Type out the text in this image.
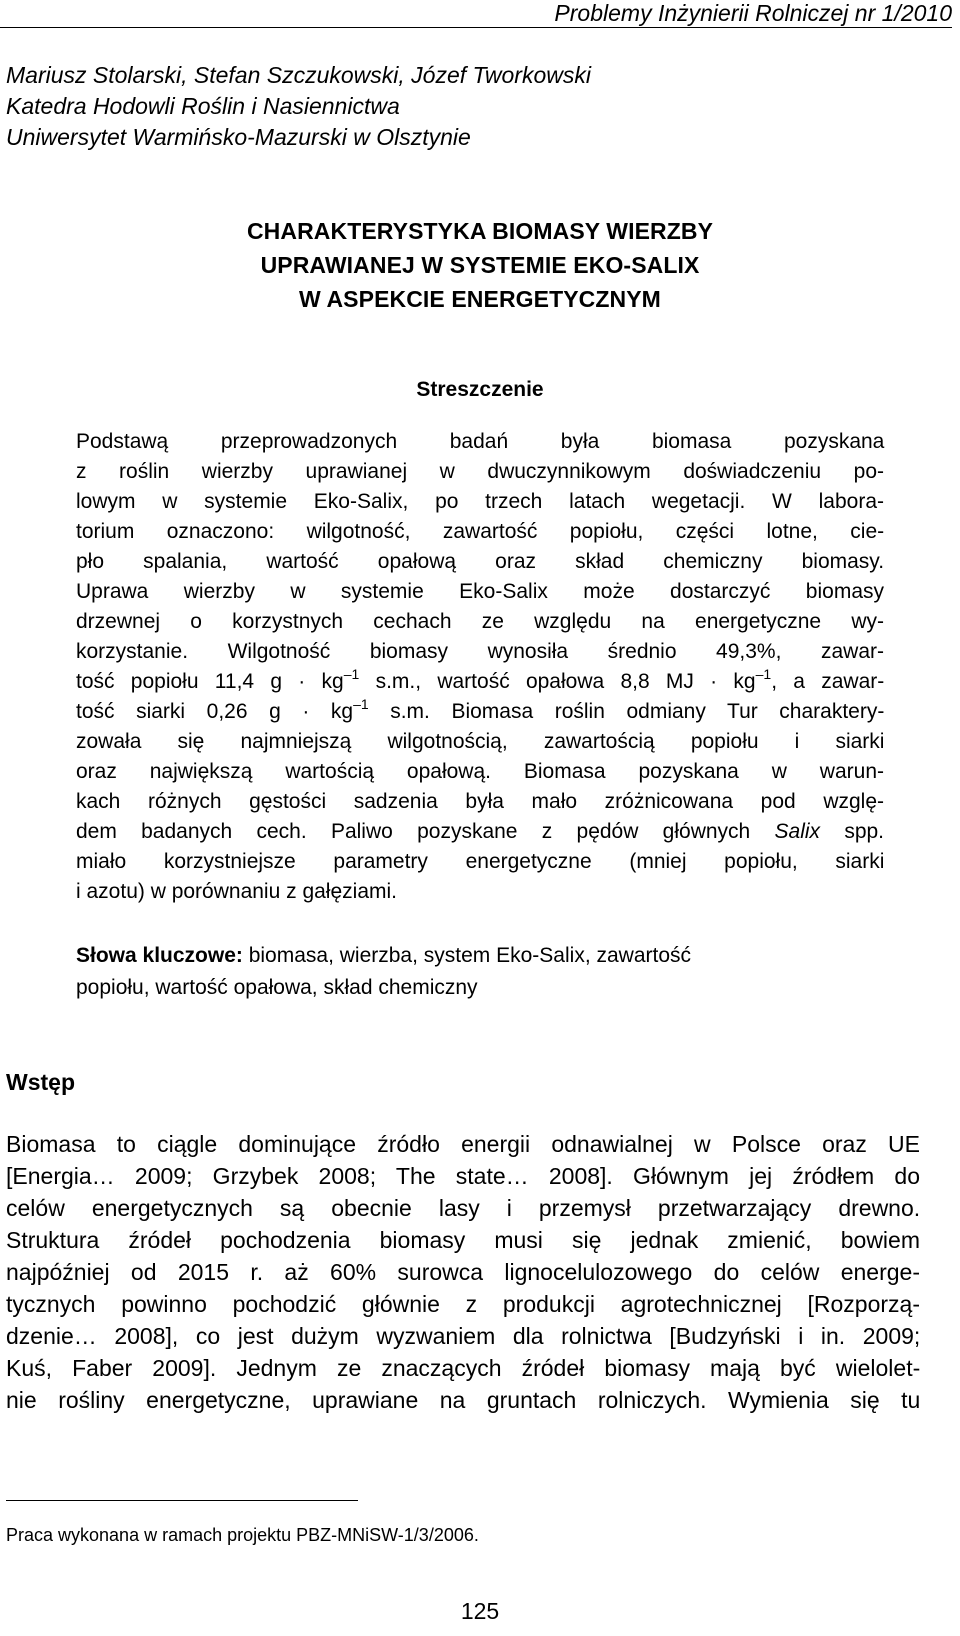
Problemy Inżynierii Rolniczej nr 1/2010
Mariusz Stolarski, Stefan Szczukowski, Józef Tworkowski
Katedra Hodowli Roślin i Nasiennictwa
Uniwersytet Warmińsko-Mazurski w Olsztynie
CHARAKTERYSTYKA BIOMASY WIERZBY
UPRAWIANEJ W SYSTEMIE EKO-SALIX
W ASPEKCIE ENERGETYCZNYM
Streszczenie
Podstawą przeprowadzonych badań była biomasa pozyskana
z roślin wierzby uprawianej w dwuczynnikowym doświadczeniu po-
lowym w systemie Eko-Salix, po trzech latach wegetacji. W labora-
torium oznaczono: wilgotność, zawartość popiołu, części lotne, cie-
pło spalania, wartość opałową oraz skład chemiczny biomasy.
Uprawa wierzby w systemie Eko-Salix może dostarczyć biomasy
drzewnej o korzystnych cechach ze względu na energetyczne wy-
korzystanie. Wilgotność biomasy wynosiła średnio 49,3%, zawar-
tość popiołu 11,4 $g \cdot kg^{-1}$ s.m., wartość opałowa 8,8 MJ · $kg^{-1}$, a zawar-
tość siarki 0,26 $g \cdot kg^{-1}$ s.m. Biomasa roślin odmiany Tur charaktery-
zowała się najmniejszą wilgotnością, zawartością popiołu i siarki
oraz największą wartością opałową. Biomasa pozyskana w warun-
kach różnych gęstości sadzenia była mało zróżnicowana pod wzglę-
dem badanych cech. Paliwo pozyskane z pędów głównych Salix spp.
miało korzystniejsze parametry energetyczne (mniej popiołu, siarki
i azotu) w porównaniu z gałęziami.
Słowa kluczowe: biomasa, wierzba, system Eko-Salix, zawartość
popiołu, wartość opałowa, skład chemiczny
Wstęp
Biomasa to ciągle dominujące źródło energii odnawialnej w Polsce oraz UE
[Energia… 2009; Grzybek 2008; The state… 2008]. Głównym jej źródłem do
celów energetycznych są obecnie lasy i przemysł przetwarzający drewno.
Struktura źródeł pochodzenia biomasy musi się jednak zmienić, bowiem
najpóźniej od 2015 r. aż 60% surowca lignocelulozowego do celów energe-
tycznych powinno pochodzić głównie z produkcji agrotechnicznej [Rozporzą-
dzenie… 2008], co jest dużym wyzwaniem dla rolnictwa [Budzyński i in. 2009;
Kuś, Faber 2009]. Jednym ze znaczących źródeł biomasy mają być wielolet-
nie rośliny energetyczne, uprawiane na gruntach rolniczych. Wymienia się tu
Praca wykonana w ramach projektu PBZ-MNiSW-1/3/2006.
125
